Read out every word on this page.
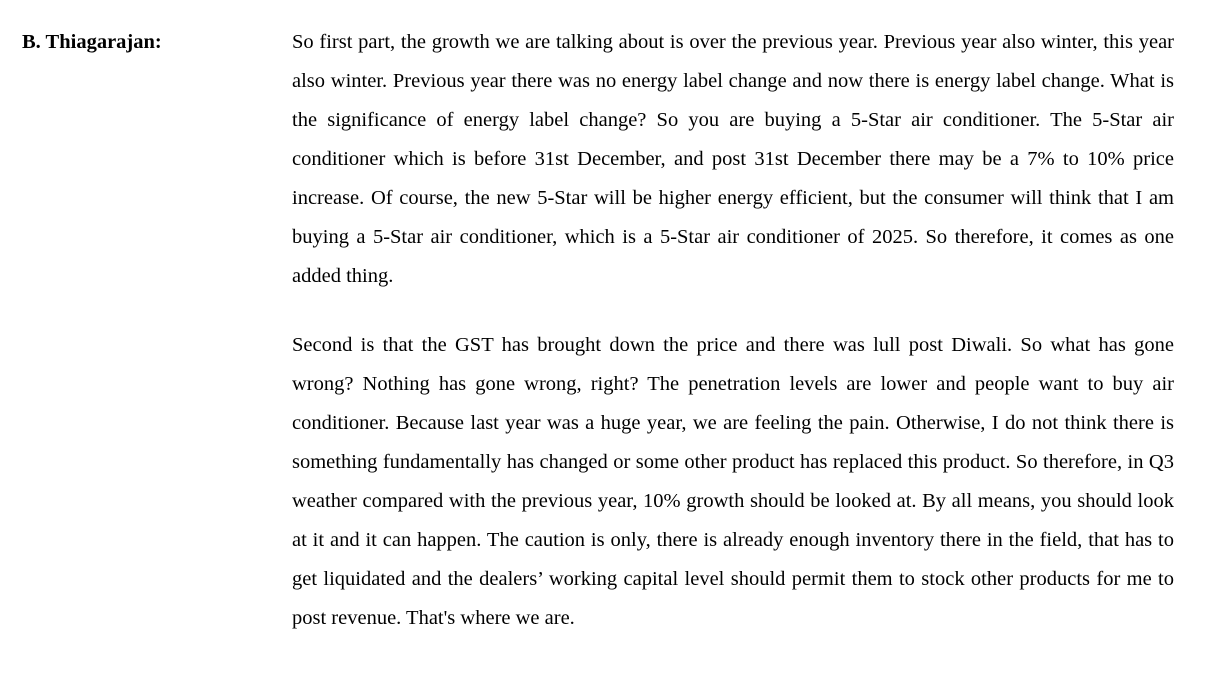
B. Thiagarajan:	So first part, the growth we are talking about is over the previous year. Previous year also winter, this year also winter. Previous year there was no energy label change and now there is energy label change. What is the significance of energy label change? So you are buying a 5-Star air conditioner. The 5-Star air conditioner which is before 31st December, and post 31st December there may be a 7% to 10% price increase. Of course, the new 5-Star will be higher energy efficient, but the consumer will think that I am buying a 5-Star air conditioner, which is a 5-Star air conditioner of 2025. So therefore, it comes as one added thing.

Second is that the GST has brought down the price and there was lull post Diwali. So what has gone wrong? Nothing has gone wrong, right? The penetration levels are lower and people want to buy air conditioner. Because last year was a huge year, we are feeling the pain. Otherwise, I do not think there is something fundamentally has changed or some other product has replaced this product. So therefore, in Q3 weather compared with the previous year, 10% growth should be looked at. By all means, you should look at it and it can happen. The caution is only, there is already enough inventory there in the field, that has to get liquidated and the dealers’ working capital level should permit them to stock other products for me to post revenue. That's where we are.
